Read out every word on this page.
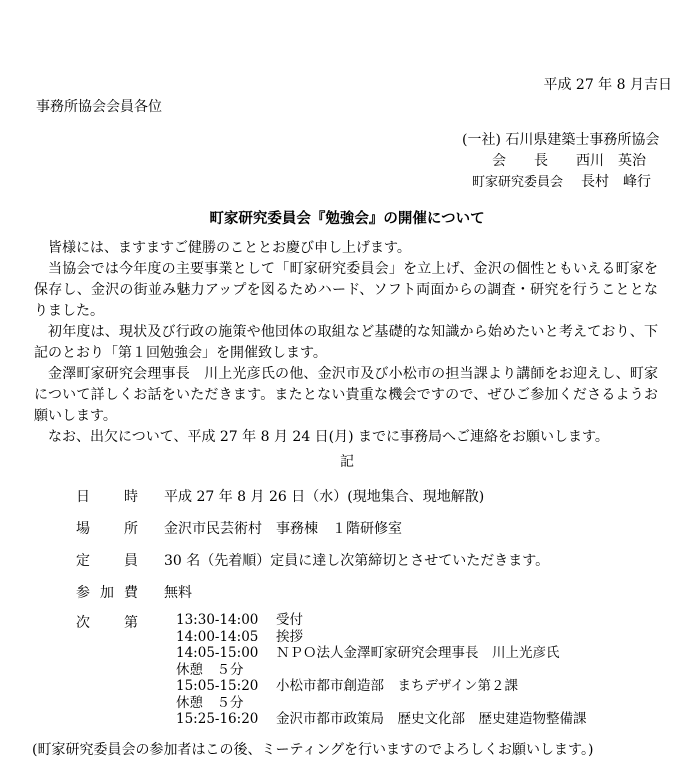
平成 27 年 8 月吉日
事務所協会会員各位
(一社) 石川県建築士事務所協会
会　　長 西川　英治
町家研究委員会 長村　峰行
町家研究委員会『勉強会』の開催について

皆様には、ますますご健勝のこととお慶び申し上げます。

当協会では今年度の主要事業として「町家研究委員会」を立上げ、金沢の個性ともいえる町家を保存し、金沢の街並み魅力アップを図るためハード、ソフト両面からの調査・研究を行うこととなりました。

初年度は、現状及び行政の施策や他団体の取組など基礎的な知識から始めたいと考えており、下記のとおり「第１回勉強会」を開催致します。

金澤町家研究会理事長　川上光彦氏の他、金沢市及び小松市の担当課より講師をお迎えし、町家について詳しくお話をいただきます。またとない貴重な機会ですので、ぜひご参加くださるようお願いします。

なお、出欠について、平成 27 年 8 月 24 日(月) までに事務局へご連絡をお願いします。

記
日 時 平成 27 年 8 月 26 日（水）(現地集合、現地解散)
場 所 金沢市民芸術村　事務棟　１階研修室
定 員 30 名（先着順）定員に達し次第締切とさせていただきます。
参 加 費 無料
次 第	13:30-14:00	受付
14:00-14:05	挨拶
14:05-15:00	ＮＰＯ法人金澤町家研究会理事長　川上光彦氏
休憩　５分
15:05-15:20	小松市都市創造部　まちデザイン第２課
休憩　５分
15:25-16:20	金沢市都市政策局　歴史文化部　歴史建造物整備課
(町家研究委員会の参加者はこの後、ミーティングを行いますのでよろしくお願いします。)
